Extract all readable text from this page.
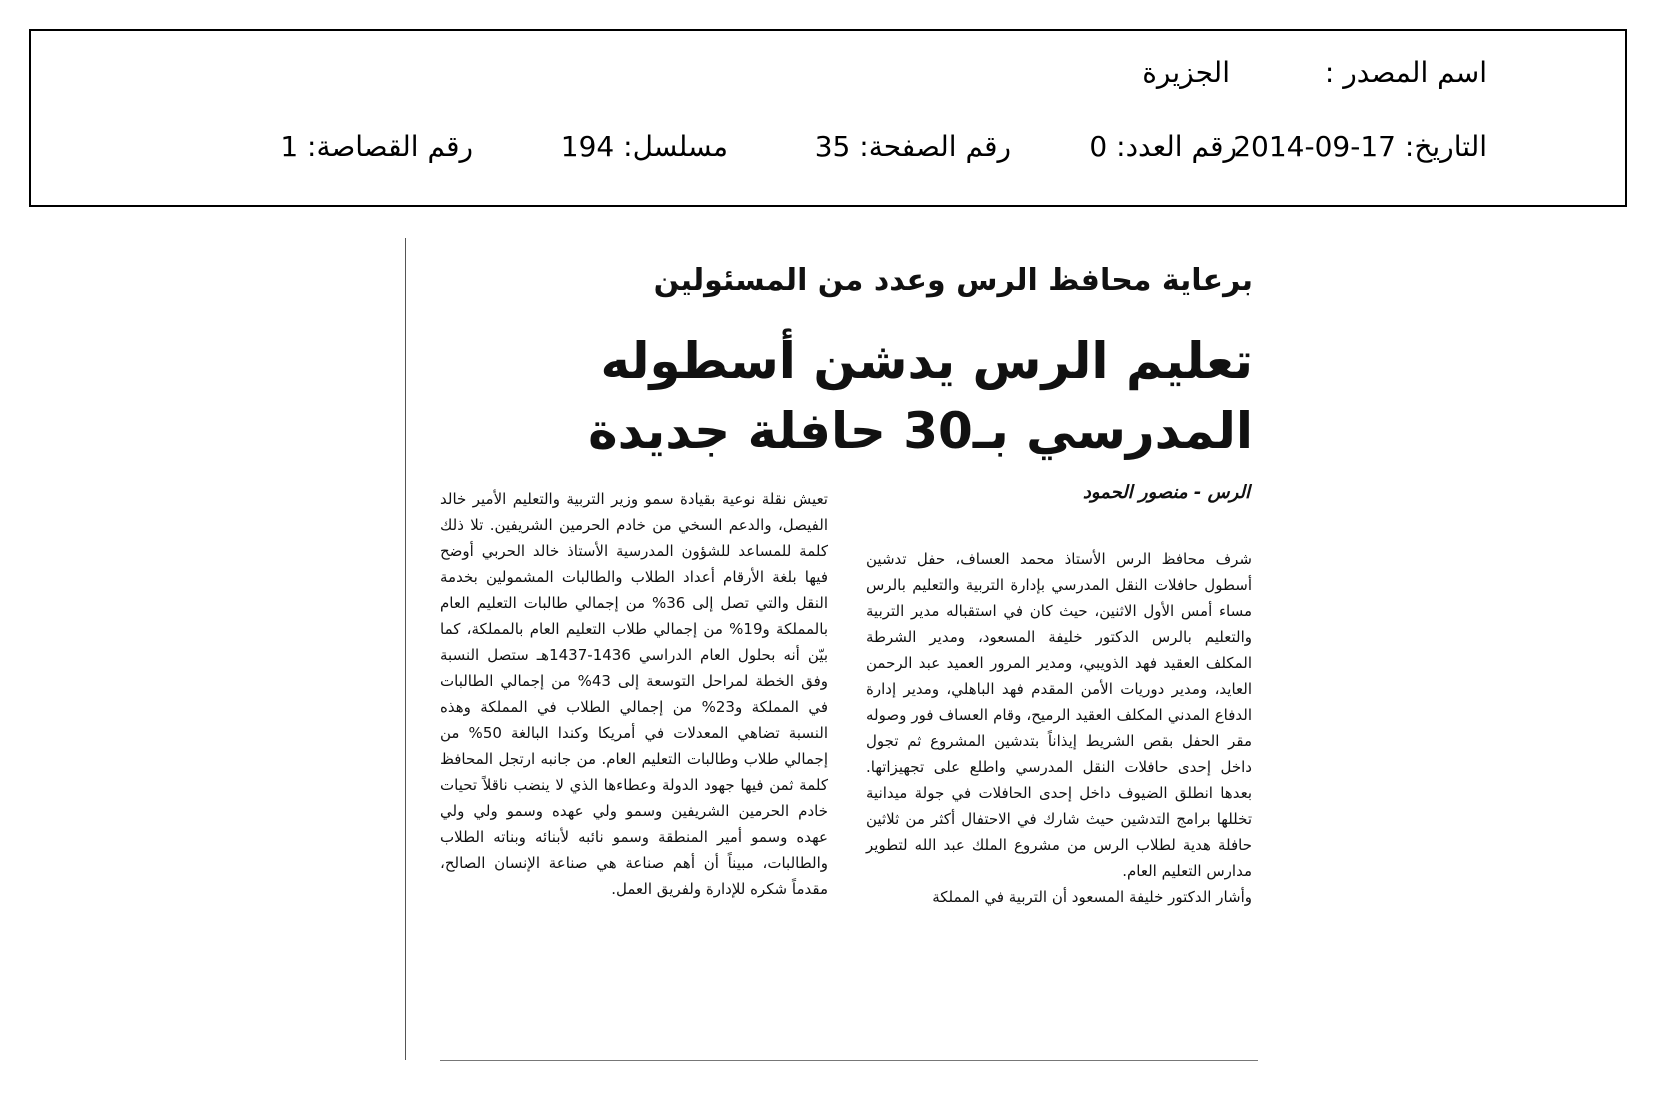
اسم المصدر :
الجزيرة
التاريخ: 17-09-2014
رقم العدد: 0
رقم الصفحة: 35
مسلسل: 194
رقم القصاصة: 1
برعاية محافظ الرس وعدد من المسئولين
تعليم الرس يدشن أسطوله المدرسي بـ30 حافلة جديدة
الرس - منصور الحمود

شرف محافظ الرس الأستاذ محمد العساف، حفل تدشين أسطول حافلات النقل المدرسي بإدارة التربية والتعليم بالرس مساء أمس الأول الاثنين، حيث كان في استقباله مدير التربية والتعليم بالرس الدكتور خليفة المسعود، ومدير الشرطة المكلف العقيد فهد الذويبي، ومدير المرور العميد عبد الرحمن العايد، ومدير دوريات الأمن المقدم فهد الباهلي، ومدير إدارة الدفاع المدني المكلف العقيد الرميح، وقام العساف فور وصوله مقر الحفل بقص الشريط إيذاناً بتدشين المشروع ثم تجول داخل إحدى حافلات النقل المدرسي واطلع على تجهيزاتها. بعدها انطلق الضيوف داخل إحدى الحافلات في جولة ميدانية تخللها برامج التدشين حيث شارك في الاحتفال أكثر من ثلاثين حافلة هدية لطلاب الرس من مشروع الملك عبد الله لتطوير مدارس التعليم العام.

وأشار الدكتور خليفة المسعود أن التربية في المملكة

تعيش نقلة نوعية بقيادة سمو وزير التربية والتعليم الأمير خالد الفيصل، والدعم السخي من خادم الحرمين الشريفين. تلا ذلك كلمة للمساعد للشؤون المدرسية الأستاذ خالد الحربي أوضح فيها بلغة الأرقام أعداد الطلاب والطالبات المشمولين بخدمة النقل والتي تصل إلى 36% من إجمالي طالبات التعليم العام بالمملكة و19% من إجمالي طلاب التعليم العام بالمملكة، كما بيّن أنه بحلول العام الدراسي 1436-1437هـ ستصل النسبة وفق الخطة لمراحل التوسعة إلى 43% من إجمالي الطالبات في المملكة و23% من إجمالي الطلاب في المملكة وهذه النسبة تضاهي المعدلات في أمريكا وكندا البالغة 50% من إجمالي طلاب وطالبات التعليم العام. من جانبه ارتجل المحافظ كلمة ثمن فيها جهود الدولة وعطاءها الذي لا ينضب ناقلاً تحيات خادم الحرمين الشريفين وسمو ولي عهده وسمو ولي ولي عهده وسمو أمير المنطقة وسمو نائبه لأبنائه وبناته الطلاب والطالبات، مبيناً أن أهم صناعة هي صناعة الإنسان الصالح، مقدماً شكره للإدارة ولفريق العمل.
